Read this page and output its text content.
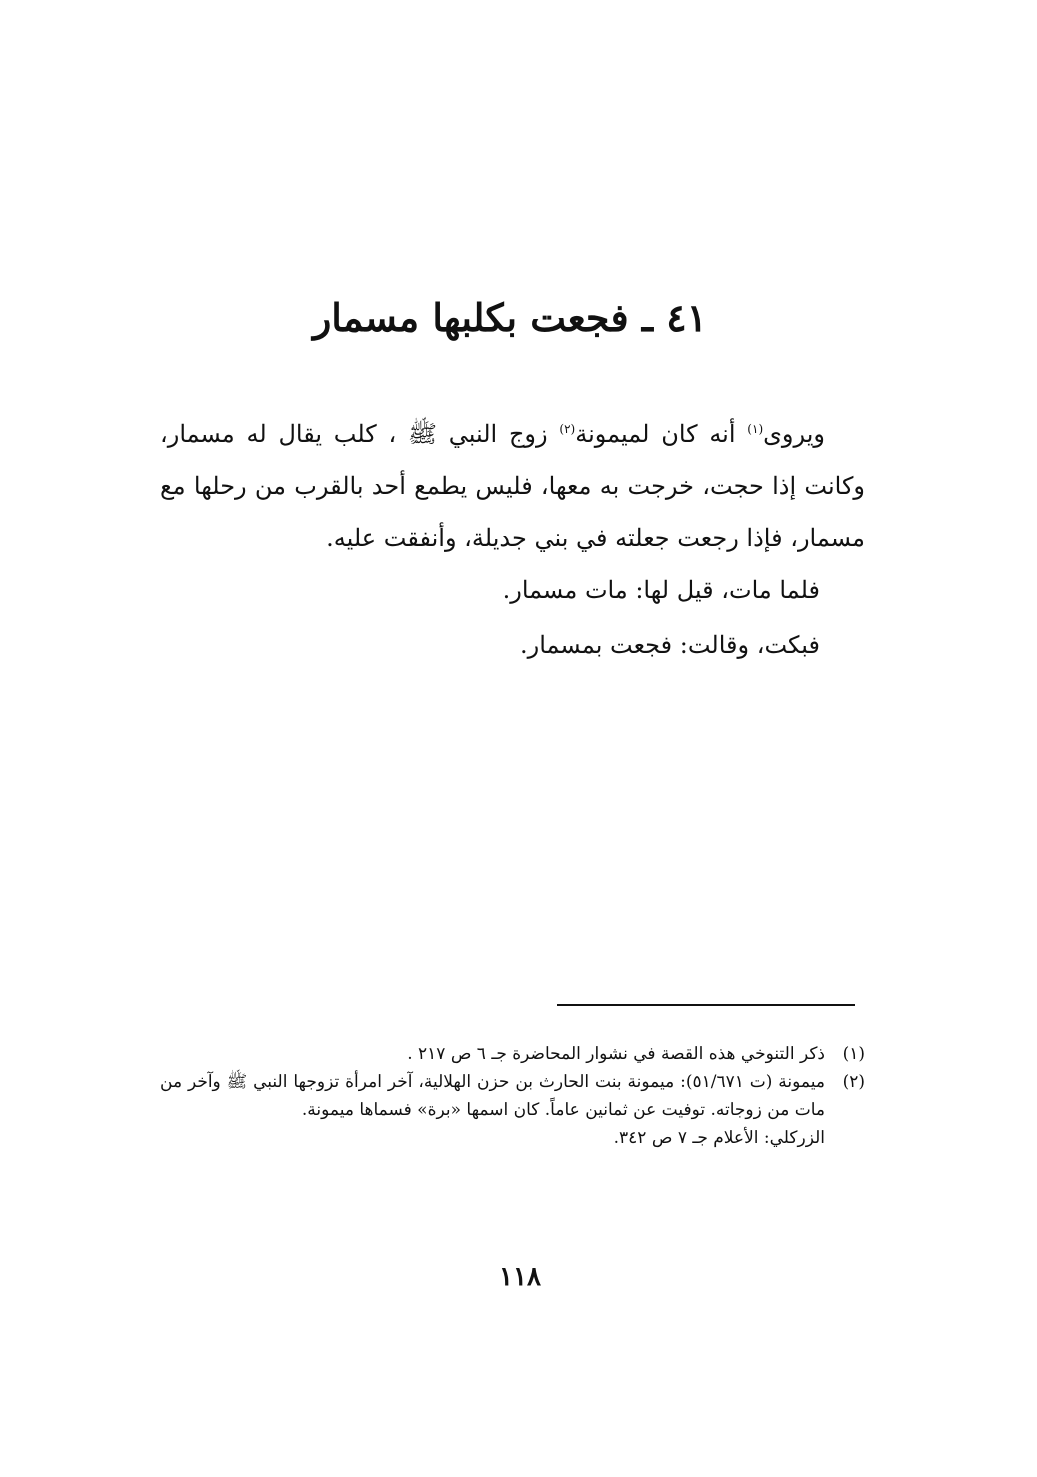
٤١ ـ فجعت بكلبها مسمار

ويروى$^{(١)}$ أنه كان لميمونة$^{(٢)}$ زوج النبي ﷺ ، كلب يقال له مسمار، وكانت إذا حجت، خرجت به معها، فليس يطمع أحد بالقرب من رحلها مع مسمار، فإذا رجعت جعلته في بني جديلة، وأنفقت عليه.

فلما مات، قيل لها: مات مسمار.

فبكت، وقالت: فجعت بمسمار.

(١)
ذكر التنوخي هذه القصة في نشوار المحاضرة جـ ٦ ص ٢١٧ .
(٢)
ميمونة (ت ٥١/٦٧١): ميمونة بنت الحارث بن حزن الهلالية، آخر امرأة تزوجها النبي ﷺ وآخر من مات من زوجاته. توفيت عن ثمانين عاماً. كان اسمها «برة» فسماها ميمونة.
الزركلي: الأعلام جـ ٧ ص ٣٤٢.
١١٨
